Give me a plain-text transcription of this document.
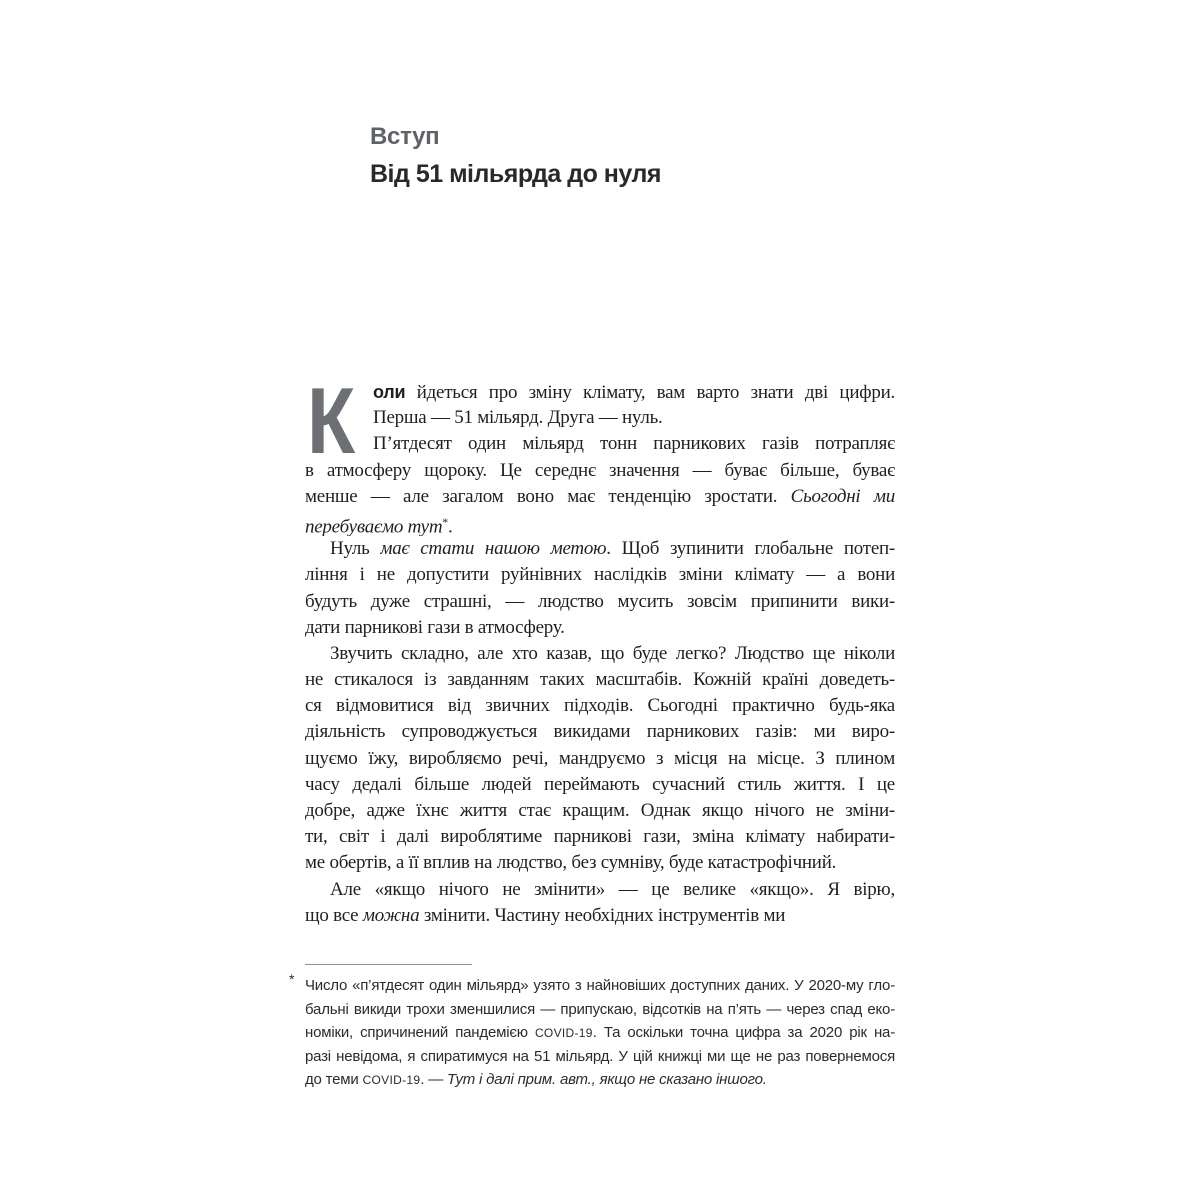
Вступ
Від 51 мільярда до нуля
К	оли йдеться про зміну клімату, вам варто знати дві цифри.
Перша — 51 мільярд. Друга — нуль.
П’ятдесят один мільярд тонн парникових газів потрапляє
в атмосферу щороку. Це середнє значення — буває більше, буває
менше — але загалом воно має тенденцію зростати. Сьогодні ми
перебуваємо тут*.
Нуль має стати нашою метою. Щоб зупинити глобальне потеп-
ління і не допустити руйнівних наслідків зміни клімату — а вони
будуть дуже страшні, — людство мусить зовсім припинити вики-
дати парникові гази в атмосферу.
Звучить складно, але хто казав, що буде легко? Людство ще ніколи
не стикалося із завданням таких масштабів. Кожній країні доведеть-
ся відмовитися від звичних підходів. Сьогодні практично будь-яка
діяльність супроводжується викидами парникових газів: ми виро-
щуємо їжу, виробляємо речі, мандруємо з місця на місце. З плином
часу дедалі більше людей переймають сучасний стиль життя. І це
добре, адже їхнє життя стає кращим. Однак якщо нічого не зміни-
ти, світ і далі вироблятиме парникові гази, зміна клімату набирати-
ме обертів, а її вплив на людство, без сумніву, буде катастрофічний.
Але «якщо нічого не змінити» — це велике «якщо». Я вірю,
що все можна змінити. Частину необхідних інструментів ми
* Число «п’ятдесят один мільярд» узято з найновіших доступних даних. У 2020-му гло-
бальні викиди трохи зменшилися — припускаю, відсотків на п’ять — через спад еко-
номіки, спричинений пандемією COVID-19. Та оскільки точна цифра за 2020 рік на-
разі невідома, я спиратимуся на 51 мільярд. У цій книжці ми ще не раз повернемося
до теми COVID-19. — Тут і далі прим. авт., якщо не сказано іншого.
